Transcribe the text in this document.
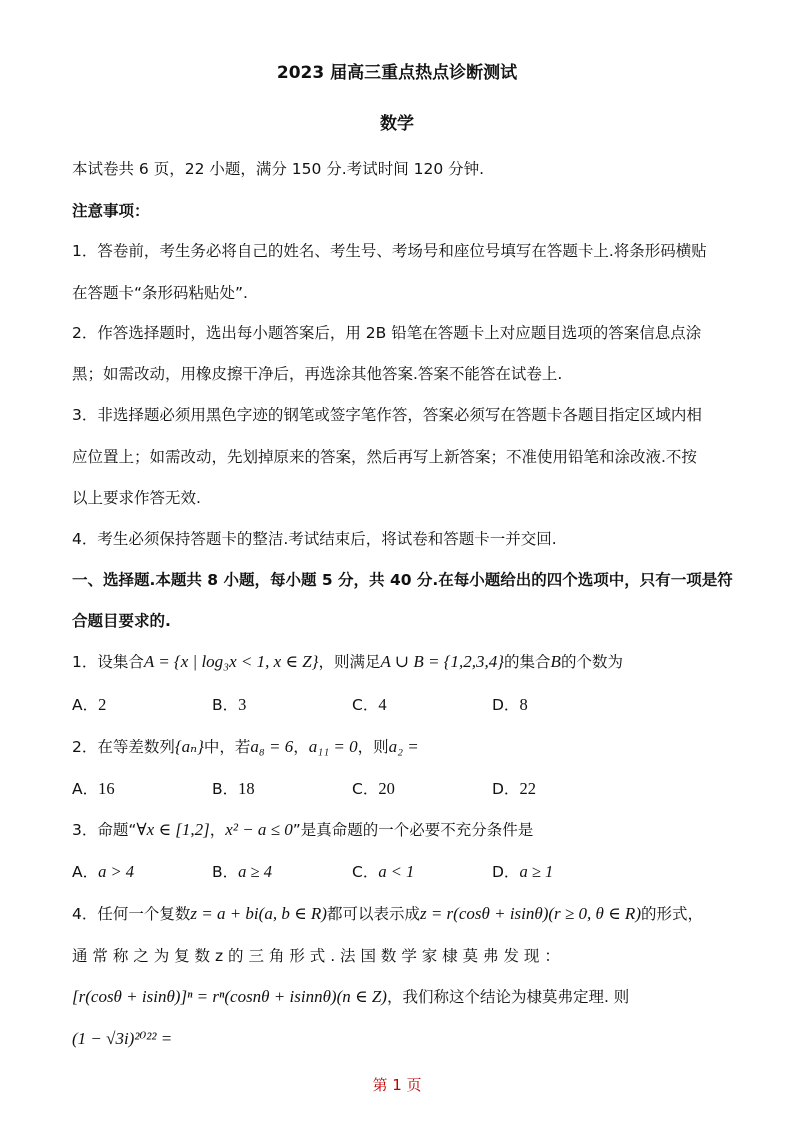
2023 届高三重点热点诊断测试
数学
本试卷共 6 页，22 小题，满分 150 分.考试时间 120 分钟.
注意事项：
1．答卷前，考生务必将自己的姓名、考生号、考场号和座位号填写在答题卡上.将条形码横贴
在答题卡“条形码粘贴处”.
2．作答选择题时，选出每小题答案后，用 2B 铅笔在答题卡上对应题目选项的答案信息点涂
黑；如需改动，用橡皮擦干净后，再选涂其他答案.答案不能答在试卷上.
3．非选择题必须用黑色字迹的钢笔或签字笔作答，答案必须写在答题卡各题目指定区域内相
应位置上；如需改动，先划掉原来的答案，然后再写上新答案；不准使用铅笔和涂改液.不按
以上要求作答无效.
4．考生必须保持答题卡的整洁.考试结束后，将试卷和答题卡一并交回.
一、选择题.本题共 8 小题，每小题 5 分，共 40 分.在每小题给出的四个选项中，只有一项是符
合题目要求的.
1．设集合A = {x | log₃x < 1, x ∈ Z}，则满足A ∪ B = {1,2,3,4}的集合B的个数为
A．2	B．3	C．4	D．8
2．在等差数列{aₙ}中，若a₈ = 6，a₁₁ = 0，则a₂ =
A．16	B．18	C．20	D．22
3．命题“∀x ∈ [1,2]，x² − a ≤ 0”是真命题的一个必要不充分条件是
A．a > 4	B．a ≥ 4	C．a < 1	D．a ≥ 1
4．任何一个复数z = a + bi(a, b ∈ R)都可以表示成z = r(cosθ + isinθ)(r ≥ 0, θ ∈ R)的形式，
通 常 称 之 为 复 数 z 的 三 角 形 式 . 法 国 数 学 家 棣 莫 弗 发 现 ：
[r(cosθ + isinθ)]ⁿ = rⁿ(cosnθ + isinnθ)(n ∈ Z)，我们称这个结论为棣莫弗定理. 则
(1 − √3i)²⁰²² =
第 1 页
